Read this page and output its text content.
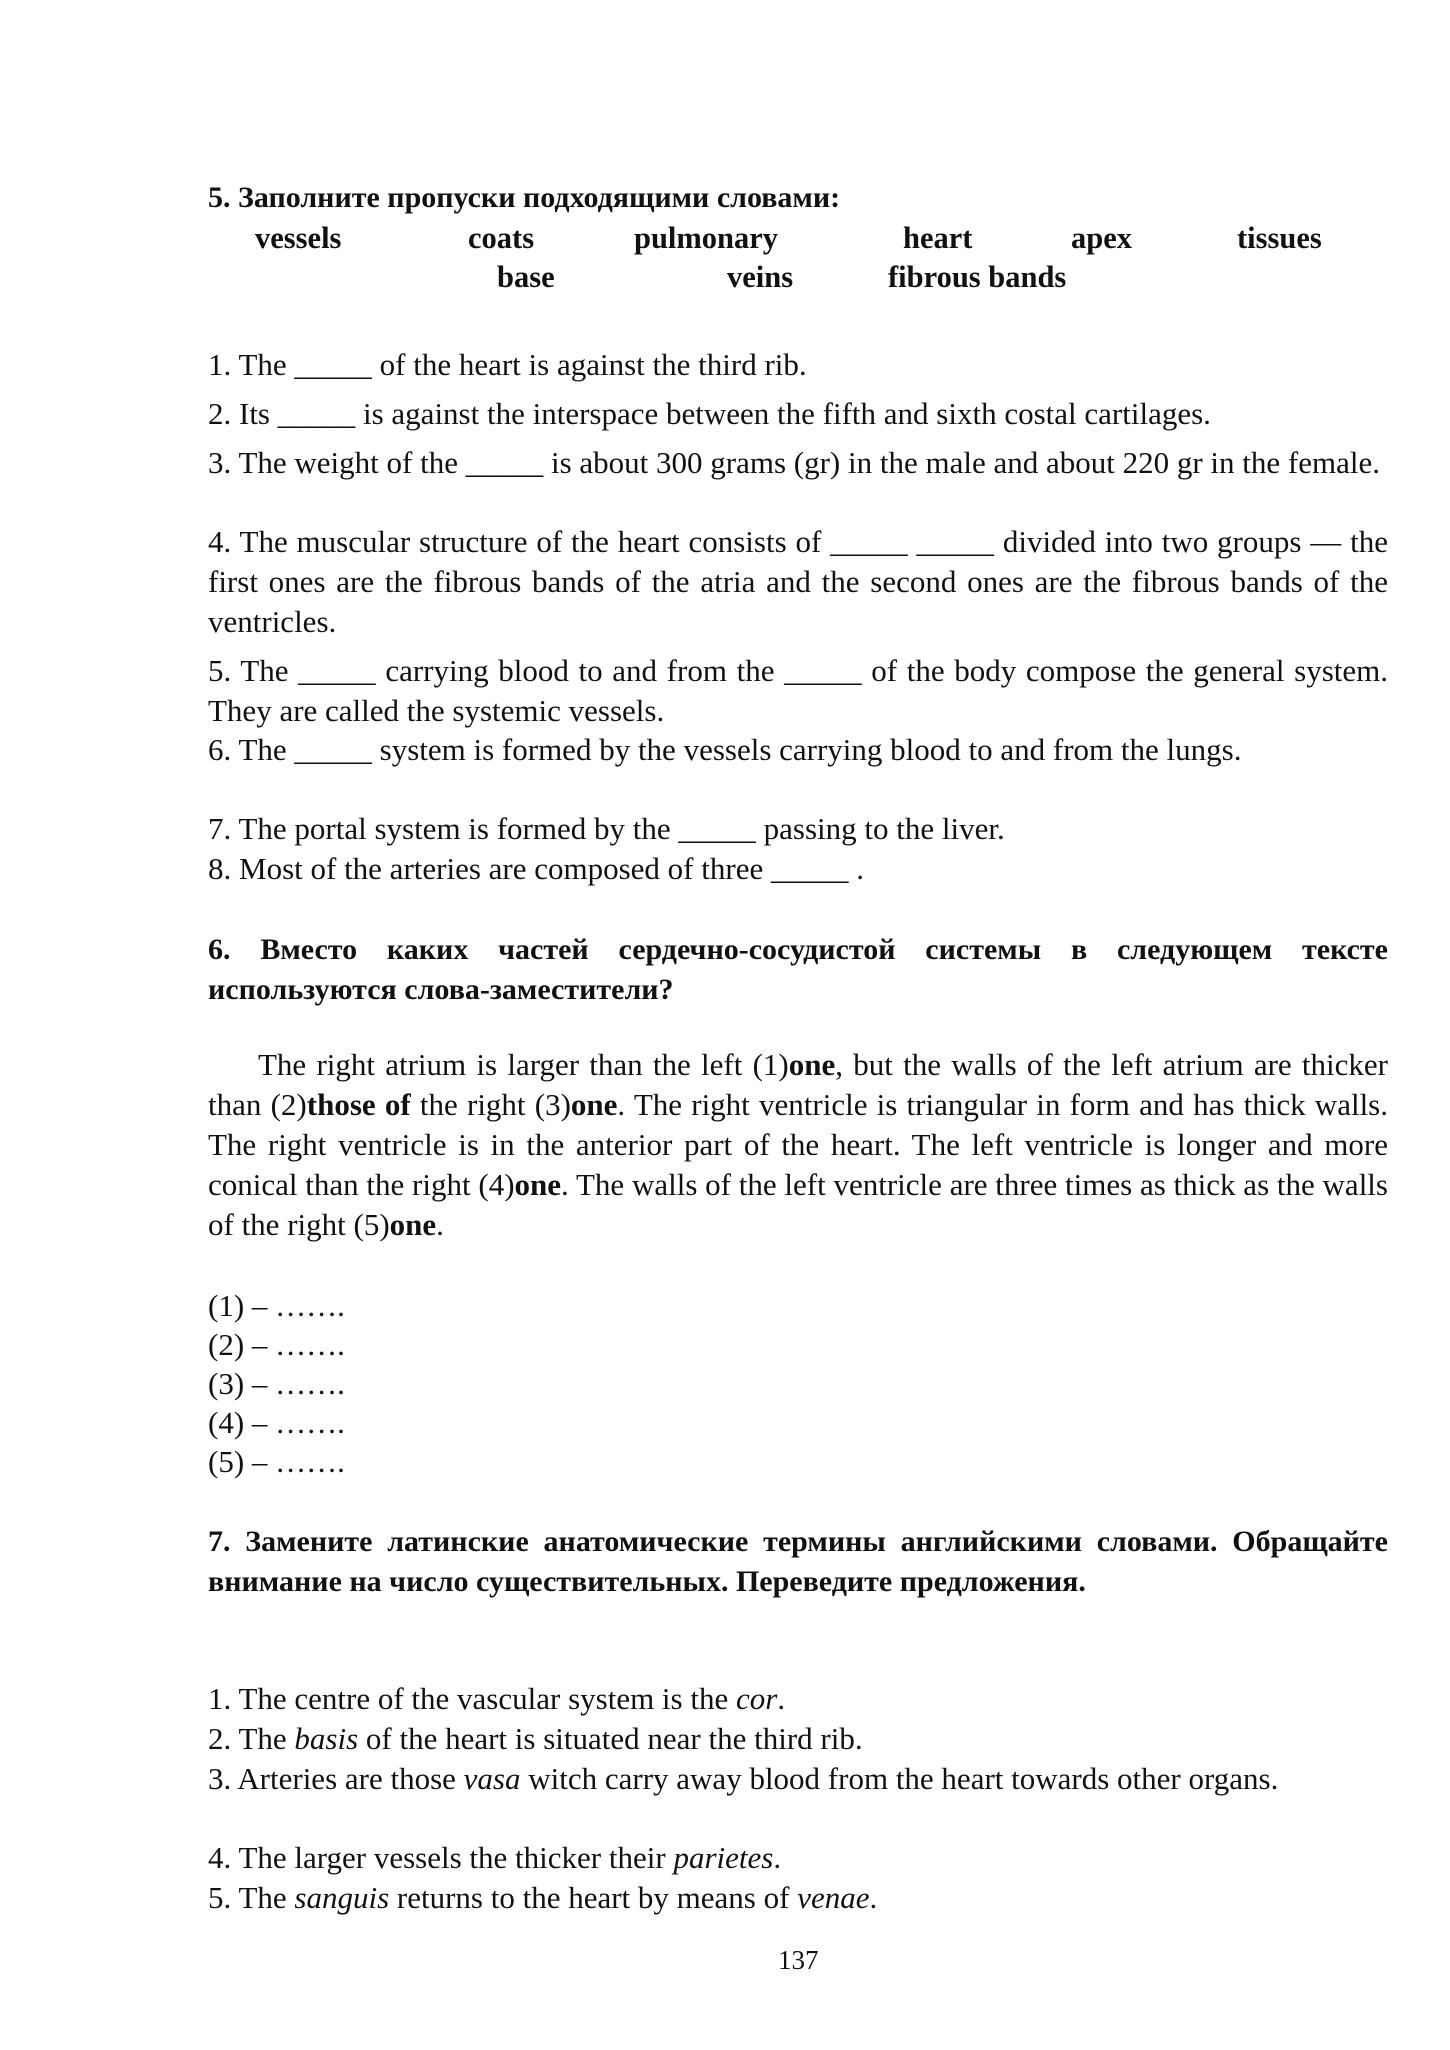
5. Заполните пропуски подходящими словами:
vessels	coats	pulmonary	heart	apex	tissues
base	veins	fibrous bands
1. The _____ of the heart is against the third rib.
2. Its _____ is against the interspace between the fifth and sixth costal cartilages.
3. The weight of the _____ is about 300 grams (gr) in the male and about 220 gr in the female.
4. The muscular structure of the heart consists of _____ _____ divided into two groups — the first ones are the fibrous bands of the atria and the second ones are the fibrous bands of the ventricles.
5. The _____ carrying blood to and from the _____ of the body compose the general system. They are called the systemic vessels.
6. The _____ system is formed by the vessels carrying blood to and from the lungs.
7. The portal system is formed by the _____ passing to the liver.
8. Most of the arteries are composed of three _____ .
6. Вместо каких частей сердечно-сосудистой системы в следующем тексте используются слова-заместители?
The right atrium is larger than the left (1)one, but the walls of the left atrium are thicker than (2)those of the right (3)one. The right ventricle is triangular in form and has thick walls. The right ventricle is in the anterior part of the heart. The left ventricle is longer and more conical than the right (4)one. The walls of the left ventricle are three times as thick as the walls of the right (5)one.
(1) – …….
(2) – …….
(3) – …….
(4) – …….
(5) – …….
7. Замените латинские анатомические термины английскими словами. Обращайте внимание на число существительных. Переведите предложения.
1. The centre of the vascular system is the cor.
2. The basis of the heart is situated near the third rib.
3. Arteries are those vasa witch carry away blood from the heart towards other organs.
4. The larger vessels the thicker their parietes.
5. The sanguis returns to the heart by means of venae.
137
